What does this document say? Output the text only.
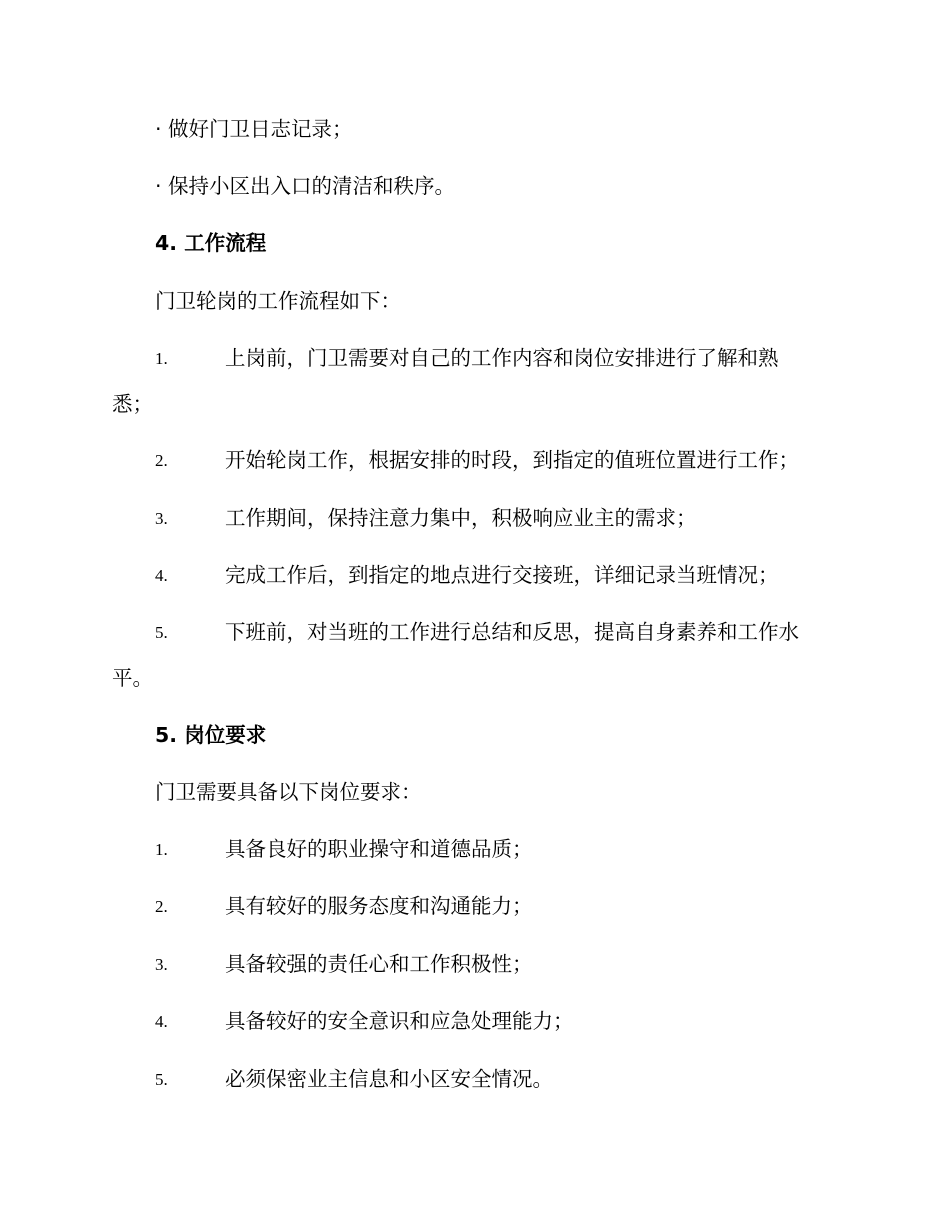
· 做好门卫日志记录；
· 保持小区出入口的清洁和秩序。
4. 工作流程
门卫轮岗的工作流程如下：
1.	上岗前，门卫需要对自己的工作内容和岗位安排进行了解和熟
悉；
2.	开始轮岗工作，根据安排的时段，到指定的值班位置进行工作；
3.	工作期间，保持注意力集中，积极响应业主的需求；
4.	完成工作后，到指定的地点进行交接班，详细记录当班情况；
5.	下班前，对当班的工作进行总结和反思，提高自身素养和工作水
平。
5. 岗位要求
门卫需要具备以下岗位要求：
1.	具备良好的职业操守和道德品质；
2.	具有较好的服务态度和沟通能力；
3.	具备较强的责任心和工作积极性；
4.	具备较好的安全意识和应急处理能力；
5.	必须保密业主信息和小区安全情况。
